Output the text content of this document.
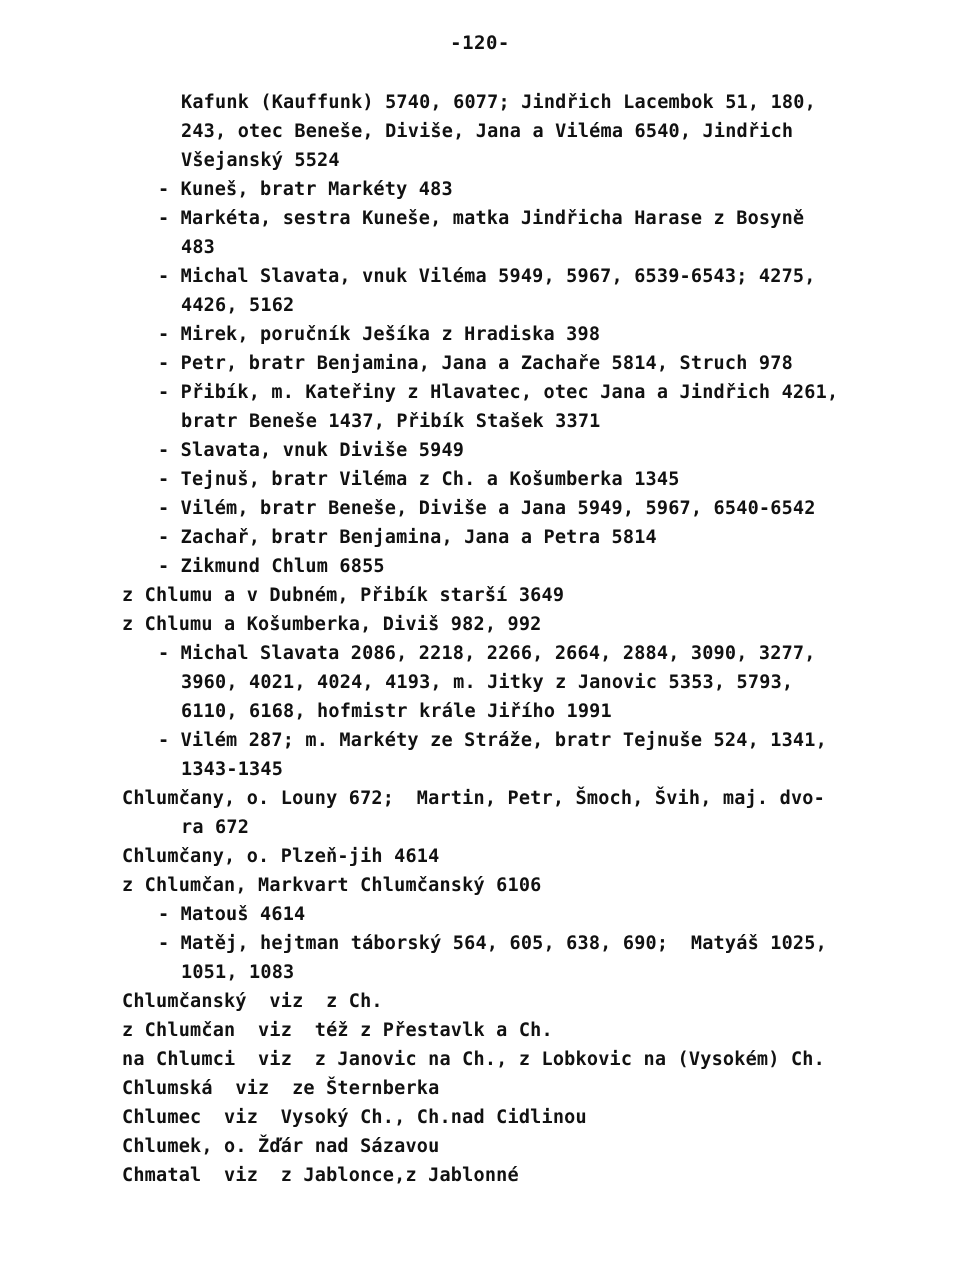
-120-
Kafunk (Kauffunk) 5740, 6077; Jindřich Lacembok 51, 180,
243, otec Beneše, Diviše, Jana a Viléma 6540, Jindřich
Všejanský 5524
- Kuneš, bratr Markéty 483
- Markéta, sestra Kuneše, matka Jindřicha Harase z Bosyně
483
- Michal Slavata, vnuk Viléma 5949, 5967, 6539-6543; 4275,
4426, 5162
- Mirek, poručník Ješíka z Hradiska 398
- Petr, bratr Benjamina, Jana a Zachaře 5814, Struch 978
- Přibík, m. Kateřiny z Hlavatec, otec Jana a Jindřich 4261,
bratr Beneše 1437, Přibík Stašek 3371
- Slavata, vnuk Diviše 5949
- Tejnuš, bratr Viléma z Ch. a Košumberka 1345
- Vilém, bratr Beneše, Diviše a Jana 5949, 5967, 6540-6542
- Zachař, bratr Benjamina, Jana a Petra 5814
- Zikmund Chlum 6855
z Chlumu a v Dubném, Přibík starší 3649
z Chlumu a Košumberka, Diviš 982, 992
- Michal Slavata 2086, 2218, 2266, 2664, 2884, 3090, 3277,
3960, 4021, 4024, 4193, m. Jitky z Janovic 5353, 5793,
6110, 6168, hofmistr krále Jiřího 1991
- Vilém 287; m. Markéty ze Stráže, bratr Tejnuše 524, 1341,
1343-1345
Chlumčany, o. Louny 672;  Martin, Petr, Šmoch, Švih, maj. dvo-
ra 672
Chlumčany, o. Plzeň-jih 4614
z Chlumčan, Markvart Chlumčanský 6106
- Matouš 4614
- Matěj, hejtman táborský 564, 605, 638, 690;  Matyáš 1025,
1051, 1083
Chlumčanský  viz  z Ch.
z Chlumčan  viz  též z Přestavlk a Ch.
na Chlumci  viz  z Janovic na Ch., z Lobkovic na (Vysokém) Ch.
Chlumská  viz  ze Šternberka
Chlumec  viz  Vysoký Ch., Ch.nad Cidlinou
Chlumek, o. Žďár nad Sázavou
Chmatal  viz  z Jablonce,z Jablonné
